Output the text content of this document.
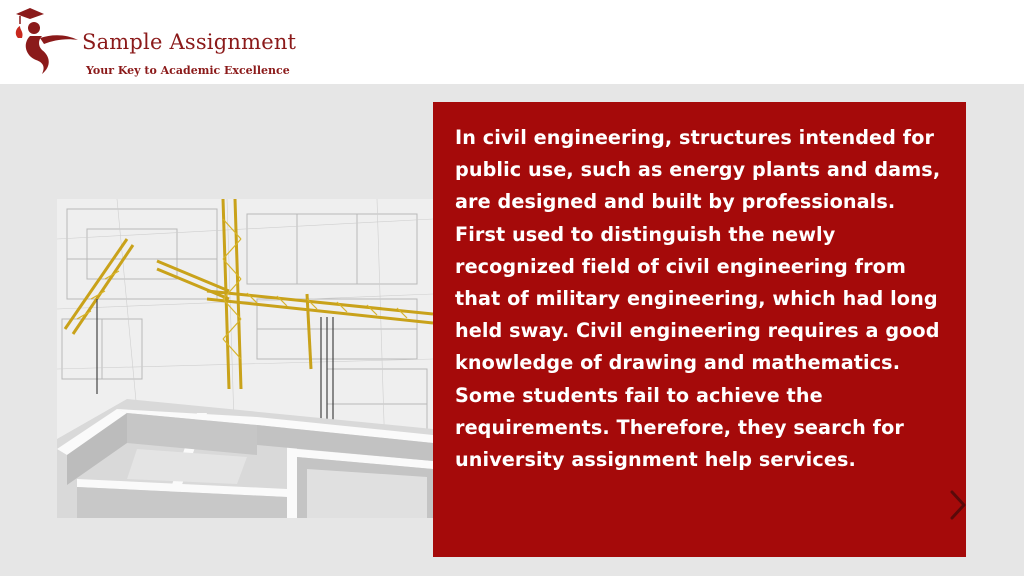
Sample Assignment
Your Key to Academic Excellence

In civil engineering, structures intended for public use, such as energy plants and dams, are designed and built by professionals. First used to distinguish the newly recognized field of civil engineering from that of military engineering, which had long held sway. Civil engineering requires a good knowledge of drawing and mathematics. Some students fail to achieve the requirements. Therefore, they search for university assignment help services.
